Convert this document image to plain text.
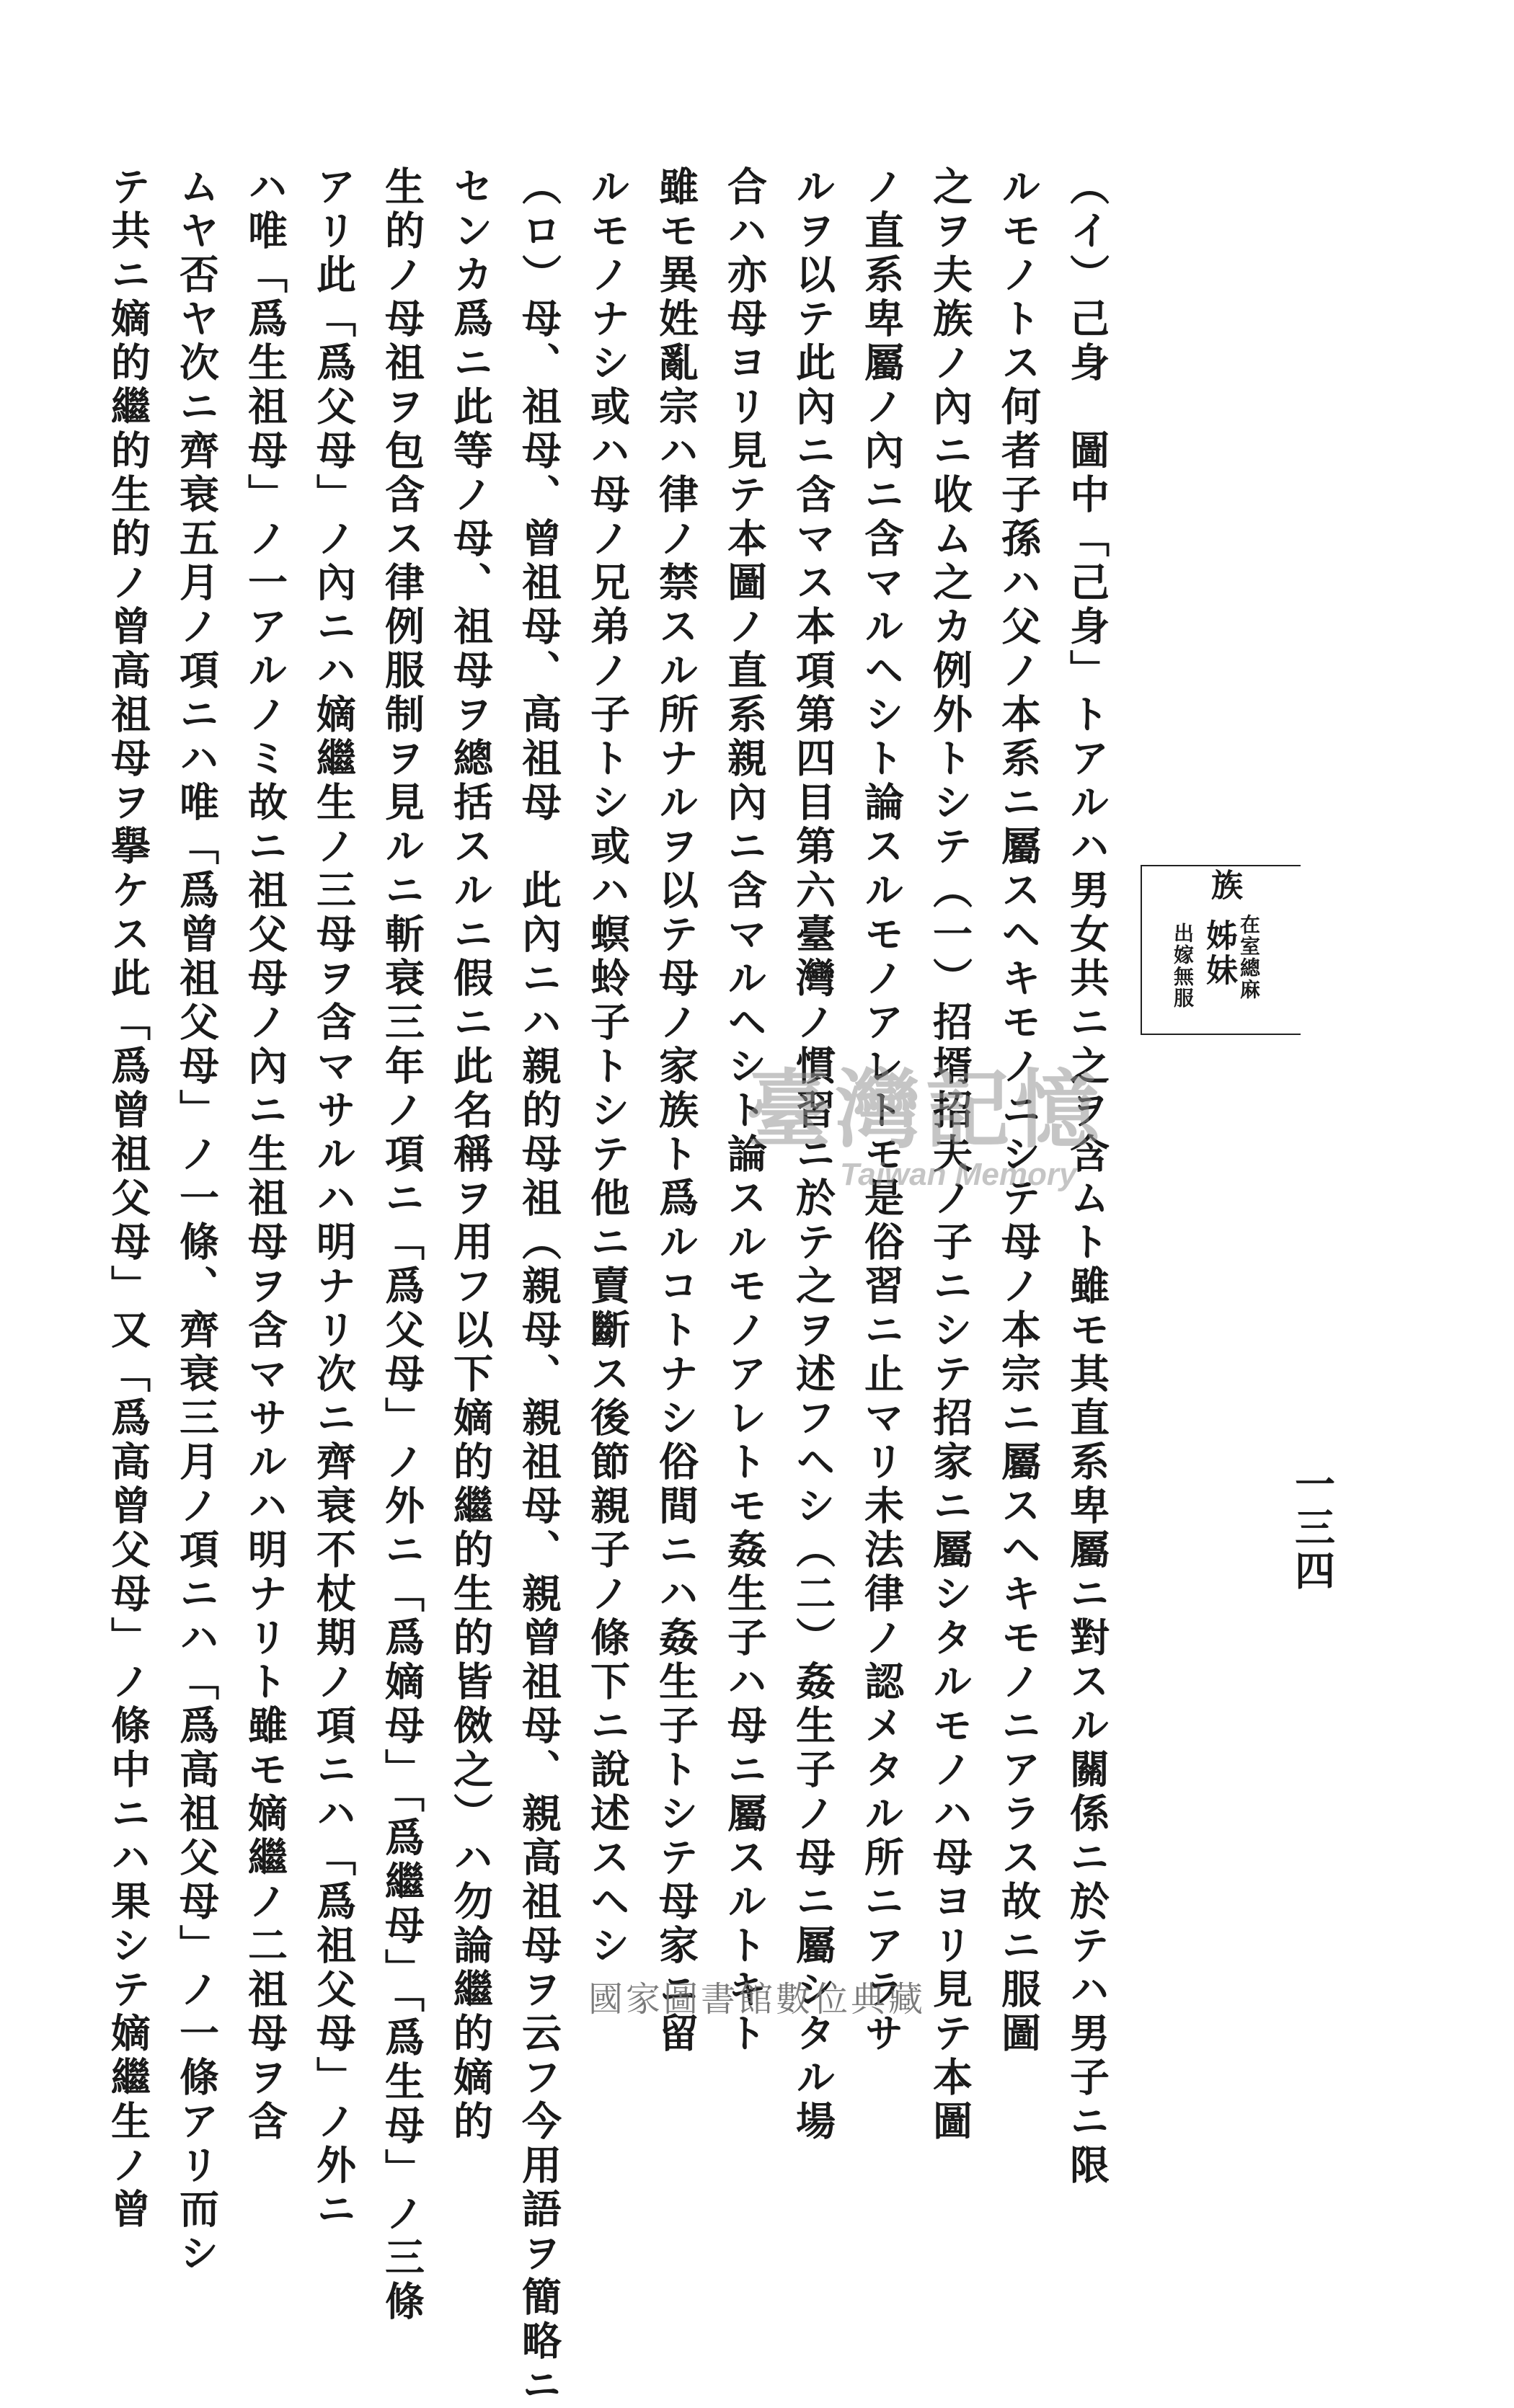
（イ）己身　圖中「己身」トアルハ男女共ニ之ヲ含ムト雖モ其直系卑屬ニ對スル關係ニ於テハ男子ニ限
ルモノトス何者子孫ハ父ノ本系ニ屬スヘキモノニシテ母ノ本宗ニ屬スヘキモノニアラス故ニ服圖
之ヲ夫族ノ內ニ收ム之カ例外トシテ（一）招壻招夫ノ子ニシテ招家ニ屬シタルモノハ母ヨリ見テ本圖
ノ直系卑屬ノ內ニ含マルヘシト論スルモノアレトモ是俗習ニ止マリ未法律ノ認メタル所ニアラサ
ルヲ以テ此內ニ含マス本項第四目第六臺灣ノ慣習ニ於テ之ヲ述フヘシ（二）姦生子ノ母ニ屬シタル場
合ハ亦母ヨリ見テ本圖ノ直系親內ニ含マルヘシト論スルモノアレトモ姦生子ハ母ニ屬スルトキト
雖モ異姓亂宗ハ律ノ禁スル所ナルヲ以テ母ノ家族ト爲ルコトナシ俗間ニハ姦生子トシテ母家ニ留
ルモノナシ或ハ母ノ兄弟ノ子トシ或ハ螟蛉子トシテ他ニ賣斷ス後節親子ノ條下ニ說述スヘシ
（ロ）母、祖母、曾祖母、高祖母　此內ニハ親的母祖（親母、親祖母、親曾祖母、親高祖母ヲ云フ今用語ヲ簡略ニ
センカ爲ニ此等ノ母、祖母ヲ總括スルニ假ニ此名稱ヲ用フ以下嫡的繼的生的皆傚之）ハ勿論繼的嫡的
生的ノ母祖ヲ包含ス律例服制ヲ見ルニ斬衰三年ノ項ニ「爲父母」ノ外ニ「爲嫡母」「爲繼母」「爲生母」ノ三條
アリ此「爲父母」ノ內ニハ嫡繼生ノ三母ヲ含マサルハ明ナリ次ニ齊衰不杖期ノ項ニハ「爲祖父母」ノ外ニ
ハ唯「爲生祖母」ノ一アルノミ故ニ祖父母ノ內ニ生祖母ヲ含マサルハ明ナリト雖モ嫡繼ノ二祖母ヲ含
ムヤ否ヤ次ニ齊衰五月ノ項ニハ唯「爲曾祖父母」ノ一條、齊衰三月ノ項ニハ「爲高祖父母」ノ一條アリ而シ
テ共ニ嫡的繼的生的ノ曾高祖母ヲ擧ケス此「爲曾祖父母」又「爲高曾父母」ノ條中ニハ果シテ嫡繼生ノ曾	一三四
族
姊妹 在室總麻
出嫁無服
臺灣記憶
Taiwan Memory
國家圖書館數位典藏
